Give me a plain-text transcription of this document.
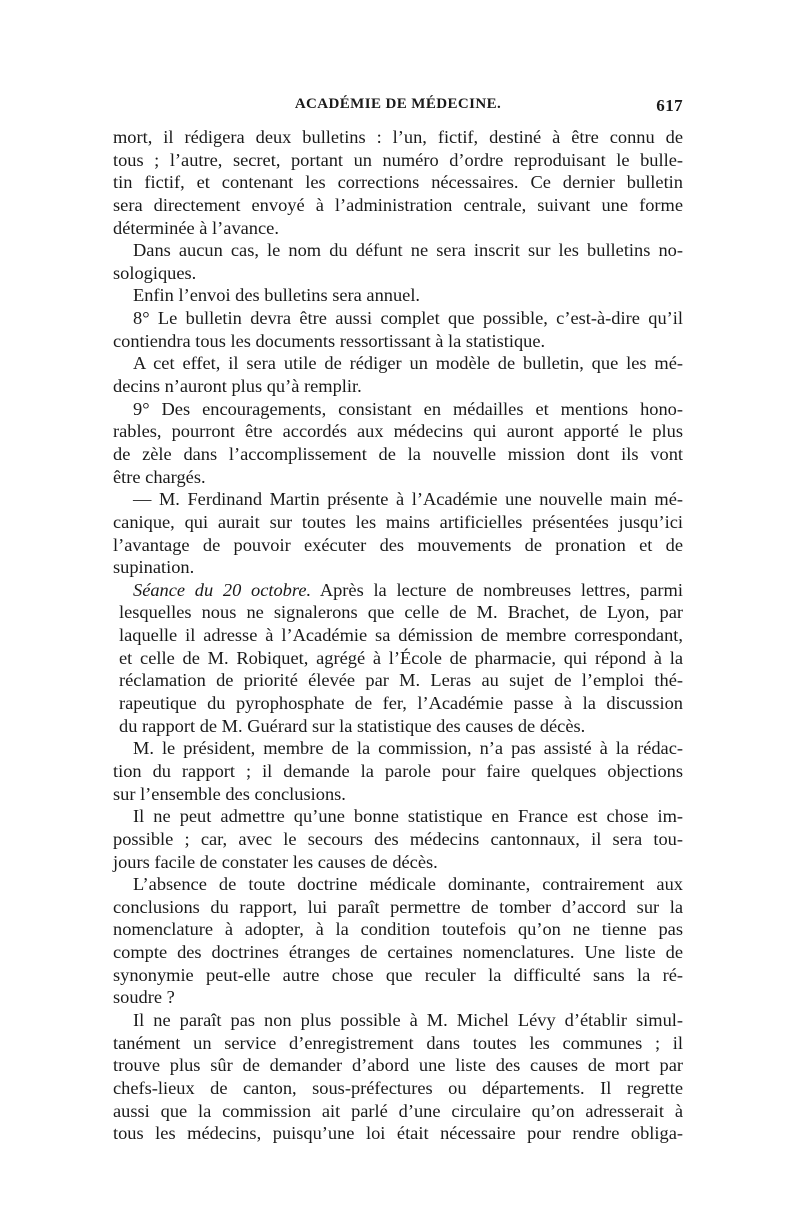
ACADÉMIE DE MÉDECINE.	617
mort, il rédigera deux bulletins : l’un, fictif, destiné à être connu de
tous ; l’autre, secret, portant un numéro d’ordre reproduisant le bulle-
tin fictif, et contenant les corrections nécessaires. Ce dernier bulletin
sera directement envoyé à l’administration centrale, suivant une forme
déterminée à l’avance.
Dans aucun cas, le nom du défunt ne sera inscrit sur les bulletins no-
sologiques.
Enfin l’envoi des bulletins sera annuel.
8° Le bulletin devra être aussi complet que possible, c’est-à-dire qu’il
contiendra tous les documents ressortissant à la statistique.
A cet effet, il sera utile de rédiger un modèle de bulletin, que les mé-
decins n’auront plus qu’à remplir.
9° Des encouragements, consistant en médailles et mentions hono-
rables, pourront être accordés aux médecins qui auront apporté le plus
de zèle dans l’accomplissement de la nouvelle mission dont ils vont
être chargés.
— M. Ferdinand Martin présente à l’Académie une nouvelle main mé-
canique, qui aurait sur toutes les mains artificielles présentées jusqu’ici
l’avantage de pouvoir exécuter des mouvements de pronation et de
supination.
Séance du 20 octobre. Après la lecture de nombreuses lettres, parmi
lesquelles nous ne signalerons que celle de M. Brachet, de Lyon, par
laquelle il adresse à l’Académie sa démission de membre correspondant,
et celle de M. Robiquet, agrégé à l’École de pharmacie, qui répond à la
réclamation de priorité élevée par M. Leras au sujet de l’emploi thé-
rapeutique du pyrophosphate de fer, l’Académie passe à la discussion
du rapport de M. Guérard sur la statistique des causes de décès.
M. le président, membre de la commission, n’a pas assisté à la rédac-
tion du rapport ; il demande la parole pour faire quelques objections
sur l’ensemble des conclusions.
Il ne peut admettre qu’une bonne statistique en France est chose im-
possible ; car, avec le secours des médecins cantonnaux, il sera tou-
jours facile de constater les causes de décès.
L’absence de toute doctrine médicale dominante, contrairement aux
conclusions du rapport, lui paraît permettre de tomber d’accord sur la
nomenclature à adopter, à la condition toutefois qu’on ne tienne pas
compte des doctrines étranges de certaines nomenclatures. Une liste de
synonymie peut-elle autre chose que reculer la difficulté sans la ré-
soudre ?
Il ne paraît pas non plus possible à M. Michel Lévy d’établir simul-
tanément un service d’enregistrement dans toutes les communes ; il
trouve plus sûr de demander d’abord une liste des causes de mort par
chefs-lieux de canton, sous-préfectures ou départements. Il regrette
aussi que la commission ait parlé d’une circulaire qu’on adresserait à
tous les médecins, puisqu’une loi était nécessaire pour rendre obliga-
